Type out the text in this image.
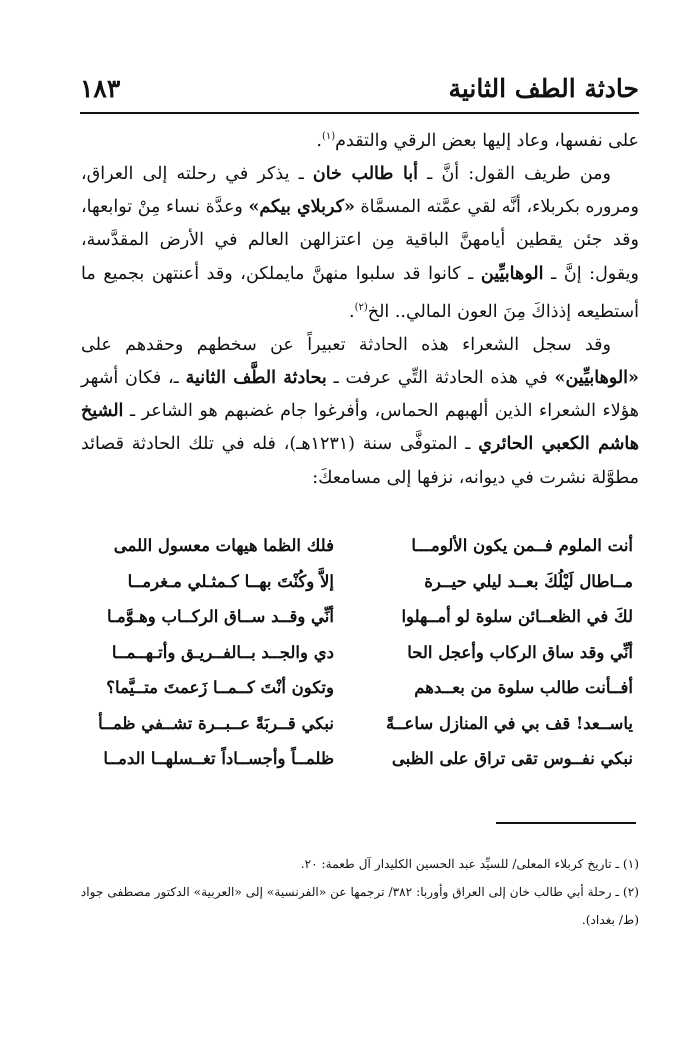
حادثة الطف الثانية
١٨٣

على نفسها، وعاد إليها بعض الرقي والتقدم$^{(١)}$.

ومن طريف القول: أنَّ ـ أبا طالب خان ـ يذكر في رحلته إلى العراق، ومروره بكربلاء، أنَّه لقي عمَّته المسمَّاة «كربلاي بيكم» وعدَّة نساء مِنْ توابعها، وقد جئن يقطين أيامهنَّ الباقية مِن اعتزالهن العالم في الأرض المقدَّسة، ويقول: إنَّ ـ الوهابيِّين ـ كانوا قد سلبوا منهنَّ مايملكن، وقد أعنتهن بجميع ما أستطيعه إذذاكَ مِنَ العون المالي.. الخ$^{(٢)}$.

وقد سجل الشعراء هذه الحادثة تعبيراً عن سخطهم وحقدهم على «الوهابيِّين» في هذه الحادثة التِّي عرفت ـ بحادثة الطَّف الثانية ـ، فكان أشهر هؤلاء الشعراء الذين ألهبهم الحماس، وأفرغوا جام غضبهم هو الشاعر ـ الشيخ هاشم الكعبي الحائري ـ المتوفَّى سنة (١٢٣١هـ)، فله في تلك الحادثة قصائد مطوَّلة نشرت في ديوانه، نزفها إلى مسامعكَ:

أنت الملوم فــمن يكون الألومـــا
فلك الظما هيهات معسول اللمى
مــاطال لَيْلُكَ بعــد ليلي حيــرة
إلاَّ وكُنْتَ بهــا كـمثـلي مـغرمــا
لكَ في الظعــائن سلوة لو أمــهلوا
أنِّي وقــد ســاق الركــاب وهـوَّمـا
أنِّي وقد ساق الركاب وأعجل الحا
دي والجــد بــالفــريـق وأتـهــمــا
أفــأنت طالب سلوة من بعــدهم
وتكون أنْتَ كــمــا زَعمتَ متــيَّما؟
ياســعد! قف بي في المنازل ساعــةً
نبكي قــربَةً عــبــرة تشــفي ظمــأ
نبكي نفــوس تقى تراق على الظبى
ظلمــاً وأجســاداً تغــسلهــا الدمــا

(١) ـ تاريخ كربلاء المعلى/ للسيِّد عبد الحسين الكليدار آل طعمة: ٢٠.

(٢) ـ رحلة أبي طالب خان إلى العراق وأوربا: ٣٨٢/ ترجمها عن «الفرنسية» إلى «العربية» الدكتور مصطفى جواد

(ط/ بغداد).
